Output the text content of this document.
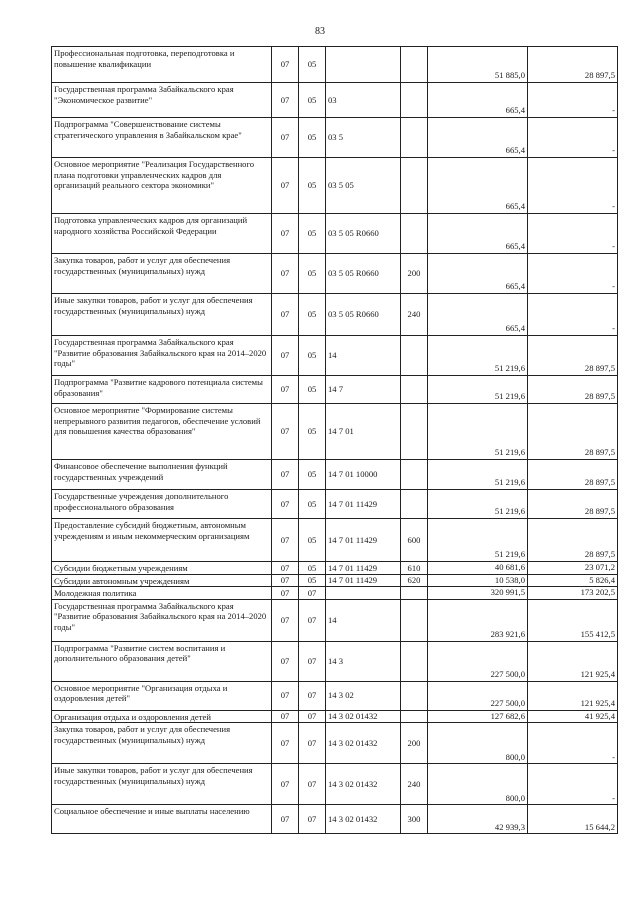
83
Профессиональная подготовка, переподготовка и повышение квалификации	07	05			51 885,0	28 897,5
Государственная программа Забайкальского края "Экономическое развитие"	07	05	03		665,4	-
Подпрограмма "Совершенствование системы стратегического управления в Забайкальском крае"	07	05	03 5		665,4	-
Основное мероприятие "Реализация Государственного плана подготовки управленческих кадров для организаций реального сектора экономики"	07	05	03 5 05		665,4	-
Подготовка управленческих кадров для организаций народного хозяйства Российской Федерации	07	05	03 5 05 R0660		665,4	-
Закупка товаров, работ и услуг для обеспечения государственных (муниципальных) нужд	07	05	03 5 05 R0660	200	665,4	-
Иные закупки товаров, работ и услуг для обеспечения государственных (муниципальных) нужд	07	05	03 5 05 R0660	240	665,4	-
Государственная программа Забайкальского края "Развитие образования Забайкальского края на 2014–2020 годы"	07	05	14		51 219,6	28 897,5
Подпрограмма "Развитие кадрового потенциала системы образования"	07	05	14 7		51 219,6	28 897,5
Основное мероприятие "Формирование системы непрерывного развития педагогов, обеспечение условий для повышения качества образования"	07	05	14 7 01		51 219,6	28 897,5
Финансовое обеспечение выполнения функций государственных учреждений	07	05	14 7 01 10000		51 219,6	28 897,5
Государственные учреждения дополнительного профессионального образования	07	05	14 7 01 11429		51 219,6	28 897,5
Предоставление субсидий бюджетным, автономным учреждениям и иным некоммерческим организациям	07	05	14 7 01 11429	600	51 219,6	28 897,5
Субсидии бюджетным учреждениям	07	05	14 7 01 11429	610	40 681,6	23 071,2
Субсидии автономным учреждениям	07	05	14 7 01 11429	620	10 538,0	5 826,4
Молодежная политика	07	07			320 991,5	173 202,5
Государственная программа Забайкальского края "Развитие образования Забайкальского края на 2014–2020 годы"	07	07	14		283 921,6	155 412,5
Подпрограмма "Развитие систем воспитания и дополнительного образования детей"	07	07	14 3		227 500,0	121 925,4
Основное мероприятие "Организация отдыха и оздоровления детей"	07	07	14 3 02		227 500,0	121 925,4
Организация отдыха и оздоровления детей	07	07	14 3 02 01432		127 682,6	41 925,4
Закупка товаров, работ и услуг для обеспечения государственных (муниципальных) нужд	07	07	14 3 02 01432	200	800,0	-
Иные закупки товаров, работ и услуг для обеспечения государственных (муниципальных) нужд	07	07	14 3 02 01432	240	800,0	-
Социальное обеспечение и иные выплаты населению	07	07	14 3 02 01432	300	42 939,3	15 644,2
